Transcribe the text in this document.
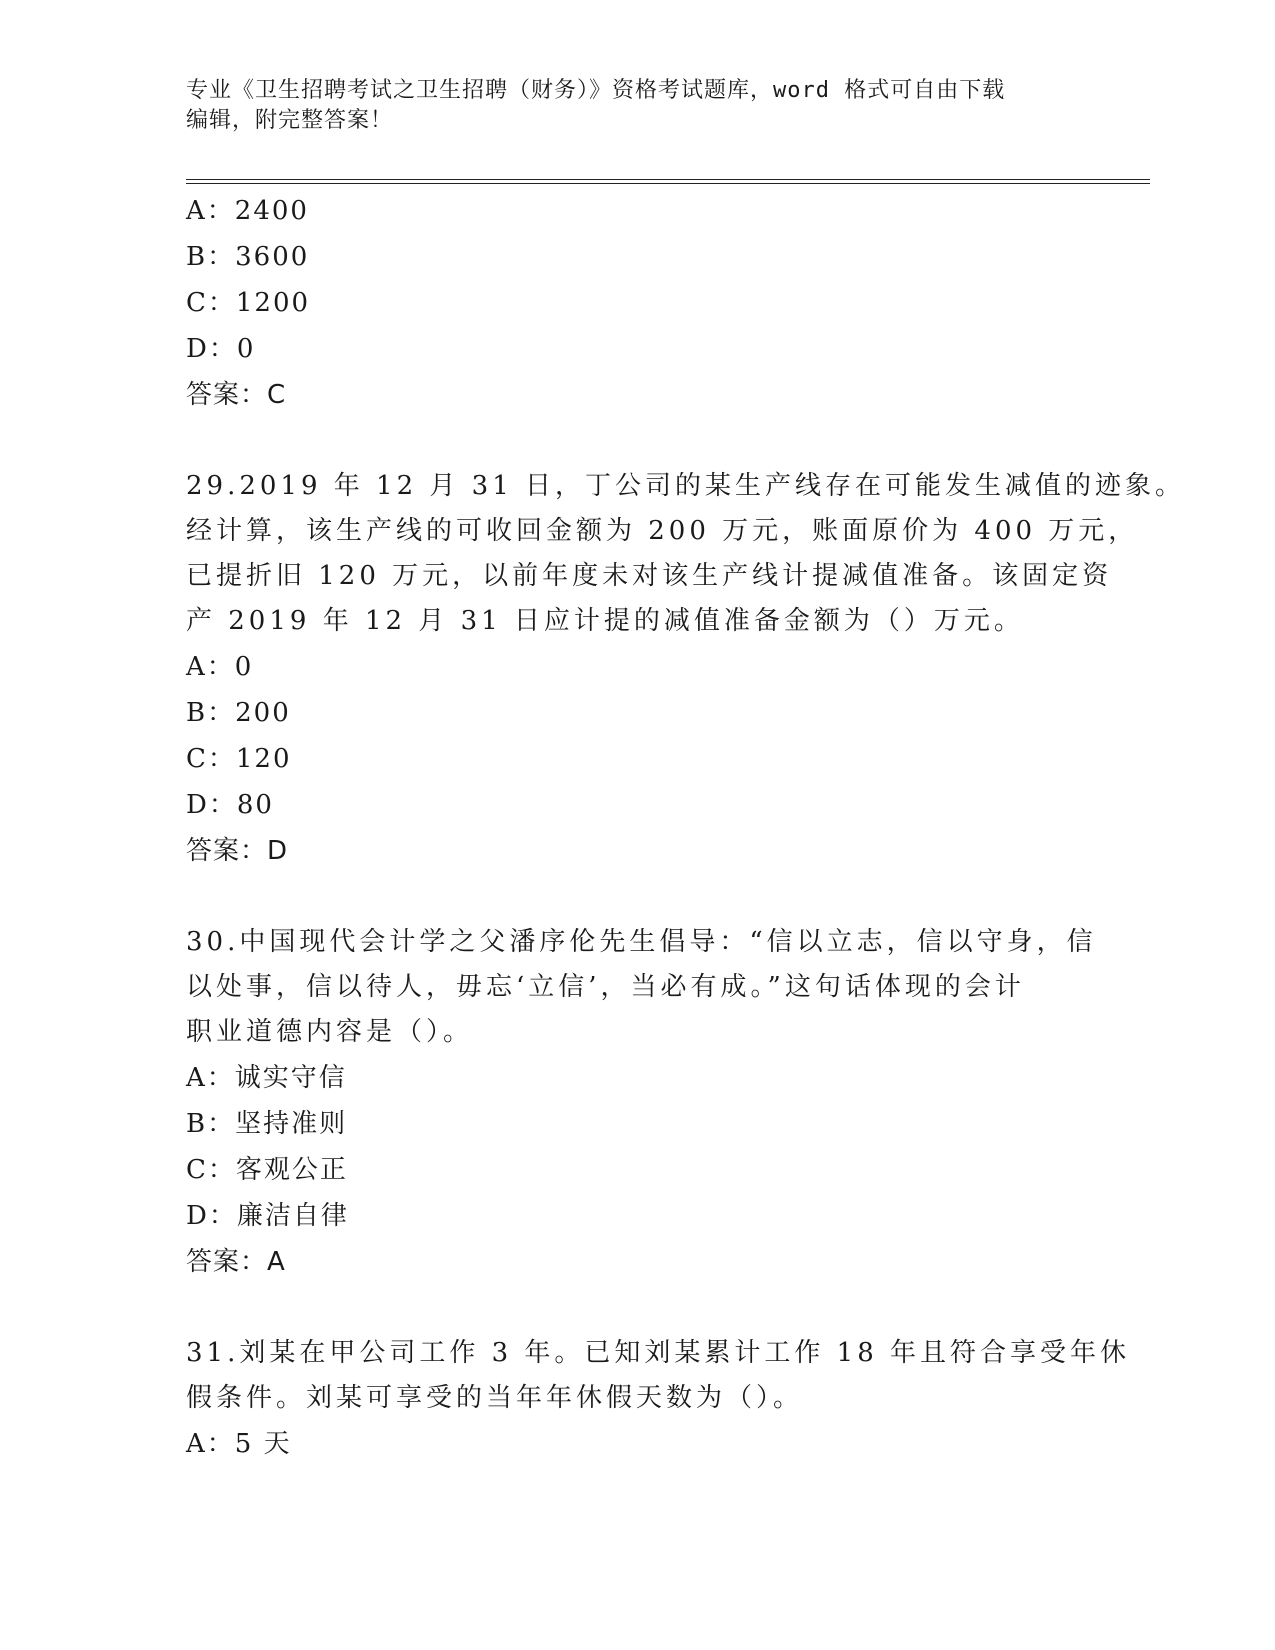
专业《卫生招聘考试之卫生招聘（财务）》资格考试题库，word 格式可自由下载
编辑，附完整答案！
A：2400
B：3600
C：1200
D：0
答案：C
29.2019 年 12 月 31 日，丁公司的某生产线存在可能发生减值的迹象。
经计算，该生产线的可收回金额为 200 万元，账面原价为 400 万元，
已提折旧 120 万元，以前年度未对该生产线计提减值准备。该固定资
产 2019 年 12 月 31 日应计提的减值准备金额为（）万元。
A：0
B：200
C：120
D：80
答案：D
30.中国现代会计学之父潘序伦先生倡导：“信以立志，信以守身，信
以处事，信以待人，毋忘‘立信’，当必有成。”这句话体现的会计
职业道德内容是（）。
A：诚实守信
B：坚持准则
C：客观公正
D：廉洁自律
答案：A
31.刘某在甲公司工作 3 年。已知刘某累计工作 18 年且符合享受年休
假条件。刘某可享受的当年年休假天数为（）。
A：5 天
